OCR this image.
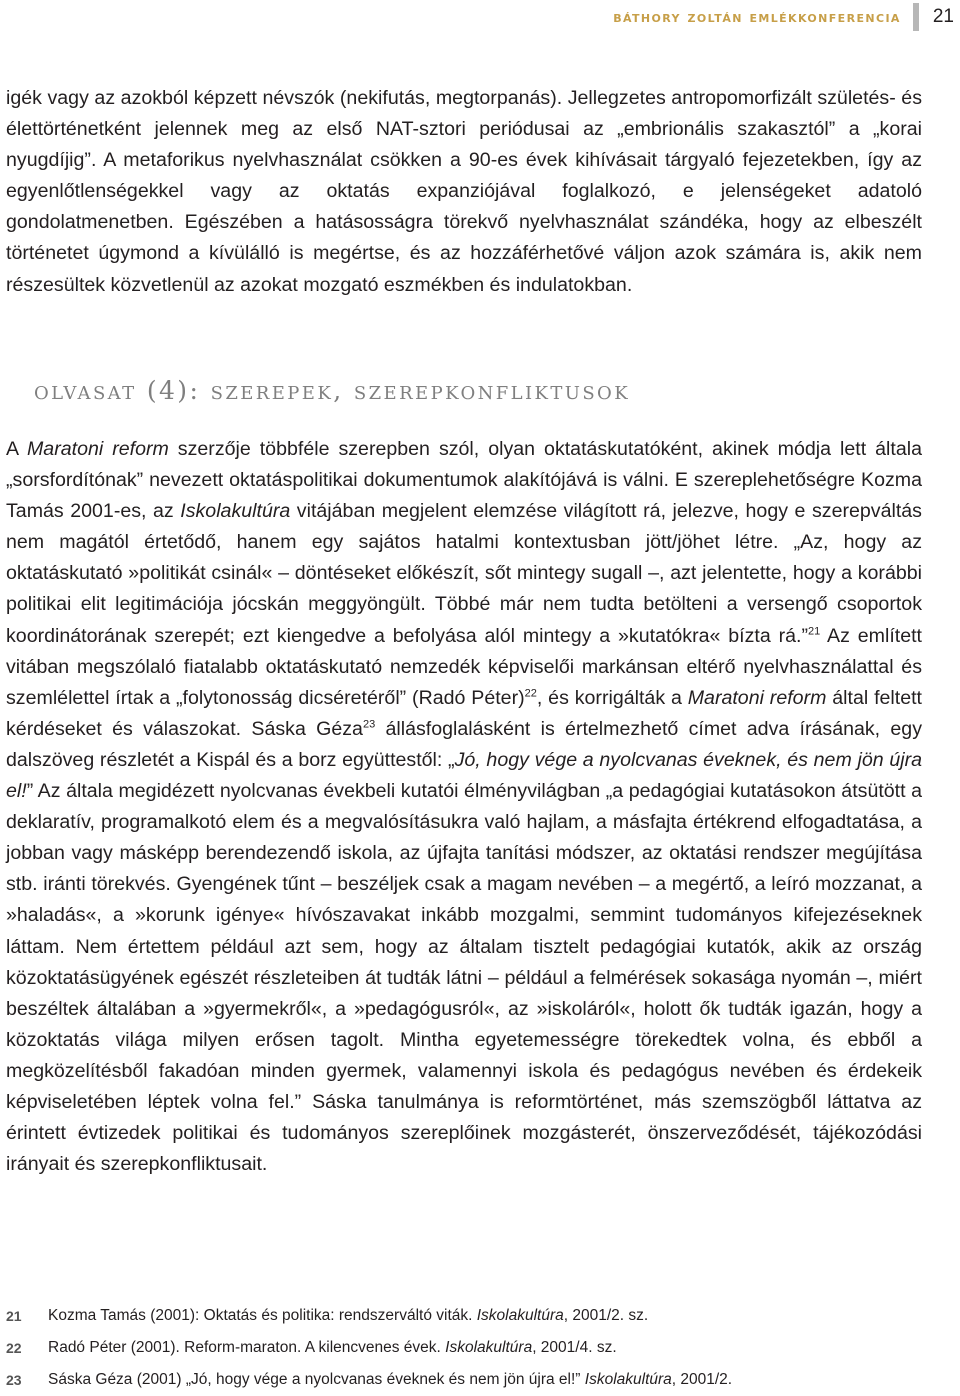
báthory zoltán emlékkonferencia 21
igék vagy az azokból képzett névszók (nekifutás, megtorpanás). Jellegzetes antropomorfizált születés- és élettörténetként jelennek meg az első NAT-sztori periódusai az „embrionális szakasztól” a „korai nyugdíjig”. A metaforikus nyelvhasználat csökken a 90-es évek kihívásait tárgyaló fejezetekben, így az egyenlőtlenségekkel vagy az oktatás expanziójával foglalkozó, e jelenségeket adatoló gondolatmenetben. Egészében a hatásosságra törekvő nyelvhasználat szándéka, hogy az elbeszélt történetet úgymond a kívülálló is megértse, és az hozzáférhetővé váljon azok számára is, akik nem részesültek közvetlenül az azokat mozgató eszmékben és indulatokban.
olvasat (4): szerepek, szerepkonfliktusok
A Maratoni reform szerzője többféle szerepben szól, olyan oktatáskutatóként, akinek módja lett általa „sorsfordítónak” nevezett oktatáspolitikai dokumentumok alakítójává is válni. E szereplehetőségre Kozma Tamás 2001-es, az Iskolakultúra vitájában megjelent elemzése világított rá, jelezve, hogy e szerepváltás nem magától értetődő, hanem egy sajátos hatalmi kontextusban jött/jöhet létre. „Az, hogy az oktatáskutató »politikát csinál« – döntéseket előkészít, sőt mintegy sugall –, azt jelentette, hogy a korábbi politikai elit legitimációja jócskán meggyöngült. Többé már nem tudta betölteni a versengő csoportok koordinátorának szerepét; ezt kiengedve a befolyása alól mintegy a »kutatókra« bízta rá.”$^{21}$ Az említett vitában megszólaló fiatalabb oktatáskutató nemzedék képviselői markánsan eltérő nyelvhasználattal és szemlélettel írtak a „folytonosság dicséretéről” (Radó Péter)$^{22}$, és korrigálták a Maratoni reform által feltett kérdéseket és válaszokat. Sáska Géza$^{23}$ állásfoglalásként is értelmezhető címet adva írásának, egy dalszöveg részletét a Kispál és a borz együttestől: „Jó, hogy vége a nyolcvanas éveknek, és nem jön újra el!” Az általa megidézett nyolcvanas évekbeli kutatói élményvilágban „a pedagógiai kutatásokon átsütött a deklaratív, programalkotó elem és a megvalósításukra való hajlam, a másfajta értékrend elfogadtatása, a jobban vagy másképp berendezendő iskola, az újfajta tanítási módszer, az oktatási rendszer megújítása stb. iránti törekvés. Gyengének tűnt – beszéljek csak a magam nevében – a megértő, a leíró mozzanat, a »haladás«, a »korunk igénye« hívószavakat inkább mozgalmi, semmint tudományos kifejezéseknek láttam. Nem értettem például azt sem, hogy az általam tisztelt pedagógiai kutatók, akik az ország közoktatásügyének egészét részleteiben át tudták látni – például a felmérések sokasága nyomán –, miért beszéltek általában a »gyermekről«, a »pedagógusról«, az »iskoláról«, holott ők tudták igazán, hogy a közoktatás világa milyen erősen tagolt. Mintha egyetemességre törekedtek volna, és ebből a megközelítésből fakadóan minden gyermek, valamennyi iskola és pedagógus nevében és érdekeik képviseletében léptek volna fel.” Sáska tanulmánya is reformtörténet, más szemszögből láttatva az érintett évtizedek politikai és tudományos szereplőinek mozgásterét, önszerveződését, tájékozódási irányait és szerepkonfliktusait.
21	Kozma Tamás (2001): Oktatás és politika: rendszerváltó viták. Iskolakultúra, 2001/2. sz.
22	Radó Péter (2001). Reform-maraton. A kilencvenes évek. Iskolakultúra, 2001/4. sz.
23	Sáska Géza (2001) „Jó, hogy vége a nyolcvanas éveknek és nem jön újra el!” Iskolakultúra, 2001/2.
